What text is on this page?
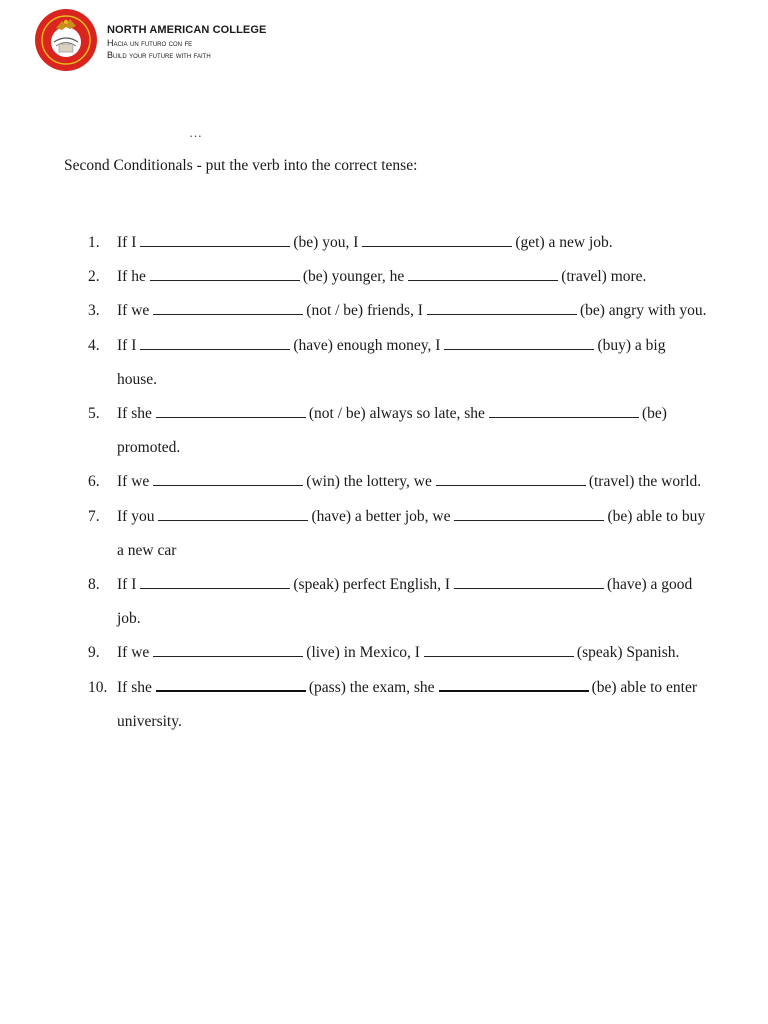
NORTH AMERICAN COLLEGE
Hacia un futuro con fe
Build your future with faith
…
Second Conditionals - put the verb into the correct tense:
1. If I	(be) you, I	(get) a new job.
2. If he	(be) younger, he	(travel) more.
3. If we	(not / be) friends, I	(be) angry with you.
4. If I	(have) enough money, I	(buy) a big house.
5. If she	(not / be) always so late, she	(be) promoted.
6. If we	(win) the lottery, we	(travel) the world.
7. If you	(have) a better job, we	(be) able to buy a new car
8. If I	(speak) perfect English, I	(have) a good job.
9. If we	(live) in Mexico, I	(speak) Spanish.
10. If she	(pass) the exam, she	(be) able to enter university.
